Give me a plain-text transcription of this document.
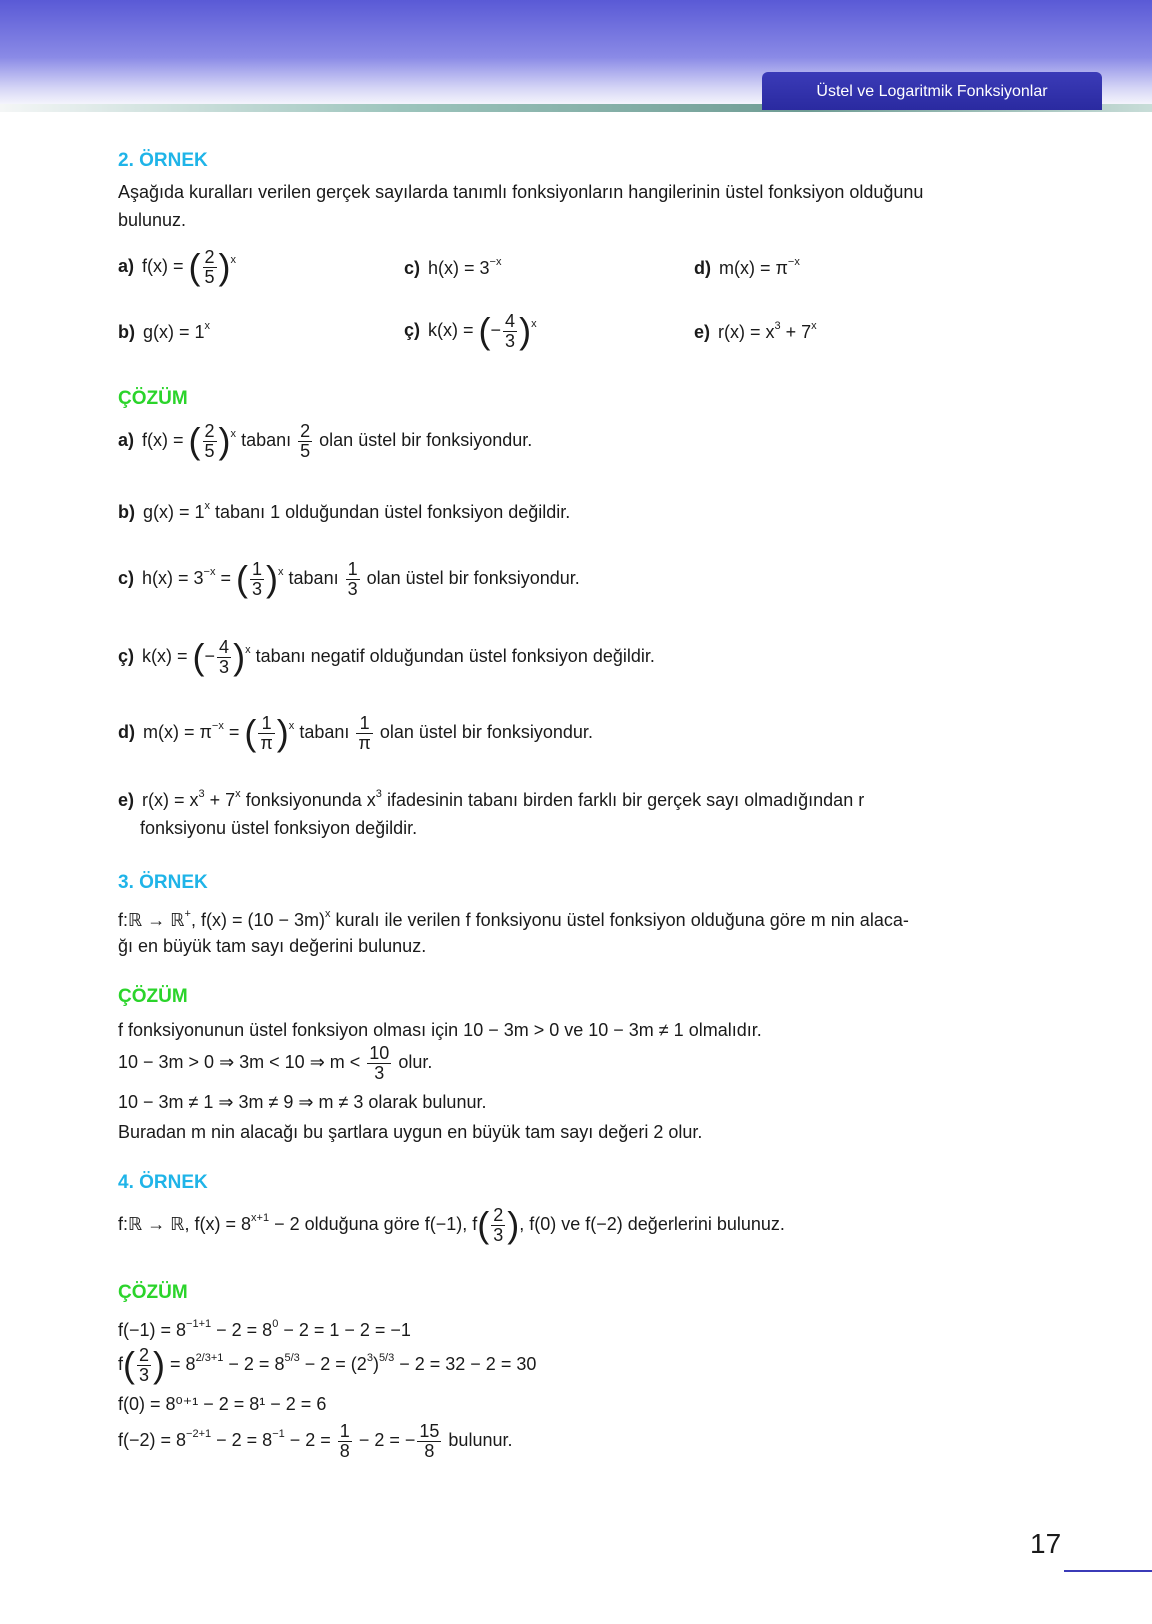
Üstel ve Logaritmik Fonksiyonlar
2. ÖRNEK
Aşağıda kuralları verilen gerçek sayılarda tanımlı fonksiyonların hangilerinin üstel fonksiyon olduğunu
bulunuz.
a) f(x) = ( $\frac{2}{5} )^x$	c) $h(x) = 3^{-x}$	d) $m(x) = \pi^{-x}$
b) $g(x) = 1^x$	ç) k(x) = (− $\frac{4}{3} )^x$	e) $r(x) = x^3 + 7^x$
ÇÖZÜM
a) f(x) = ( $\frac{2}{5} )^x$ tabanı $\frac{2}{5}$ olan üstel bir fonksiyondur.
b) $g(x) = 1^x$ tabanı 1 olduğundan üstel fonksiyon değildir.
c) $h(x) = 3^{-x}$ = ( $\frac{1}{3} )^x$ tabanı $\frac{1}{3}$ olan üstel bir fonksiyondur.
ç) k(x) = (− $\frac{4}{3} )^x$ tabanı negatif olduğundan üstel fonksiyon değildir.
d) $m(x) = \pi^{-x}$ = ( $\frac{1}{\pi} )^x$ tabanı $\frac{1}{\pi}$ olan üstel bir fonksiyondur.
e) $r(x) = x^3 + 7^x$ fonksiyonunda $x^3$ ifadesinin tabanı birden farklı bir gerçek sayı olmadığından r
fonksiyonu üstel fonksiyon değildir.
3. ÖRNEK
f:ℝ → ℝ+, $f(x) = (10 - 3m)^x$ kuralı ile verilen f fonksiyonu üstel fonksiyon olduğuna göre m nin alaca-
ğı en büyük tam sayı değerini bulunuz.
ÇÖZÜM
f fonksiyonunun üstel fonksiyon olması için 10 − 3m > 0 ve 10 − 3m ≠ 1 olmalıdır.
10 − 3m > 0 ⇒ 3m < 10 ⇒ $m < \frac{10}{3}$ olur.
10 − 3m ≠ 1 ⇒ 3m ≠ 9 ⇒ m ≠ 3 olarak bulunur.
Buradan m nin alacağı bu şartlara uygun en büyük tam sayı değeri 2 olur.
4. ÖRNEK
f:ℝ → ℝ, $f(x) = 8^{x+1} - 2$ olduğuna göre f(−1), $f( \frac{2}{3}$ ), f(0) ve f(−2) değerlerini bulunuz.
ÇÖZÜM
$f(-1) = 8^{-1+1} - 2 = 8^0 - 2 = 1 - 2 = -1$
$f( \frac{2}{3}$ ) = $8^{2/3+1} - 2 = 8^{5/3} - 2 = (2^3)^{5/3} - 2 = 32 - 2 = 30$
f(0) = 8⁰⁺¹ − 2 = 8¹ − 2 = 6
$f(-2) = 8^{-2+1} - 2 = 8^{-1} - 2 = \frac{1}{8} - 2$ = − $\frac{15}{8}$ bulunur.
17
